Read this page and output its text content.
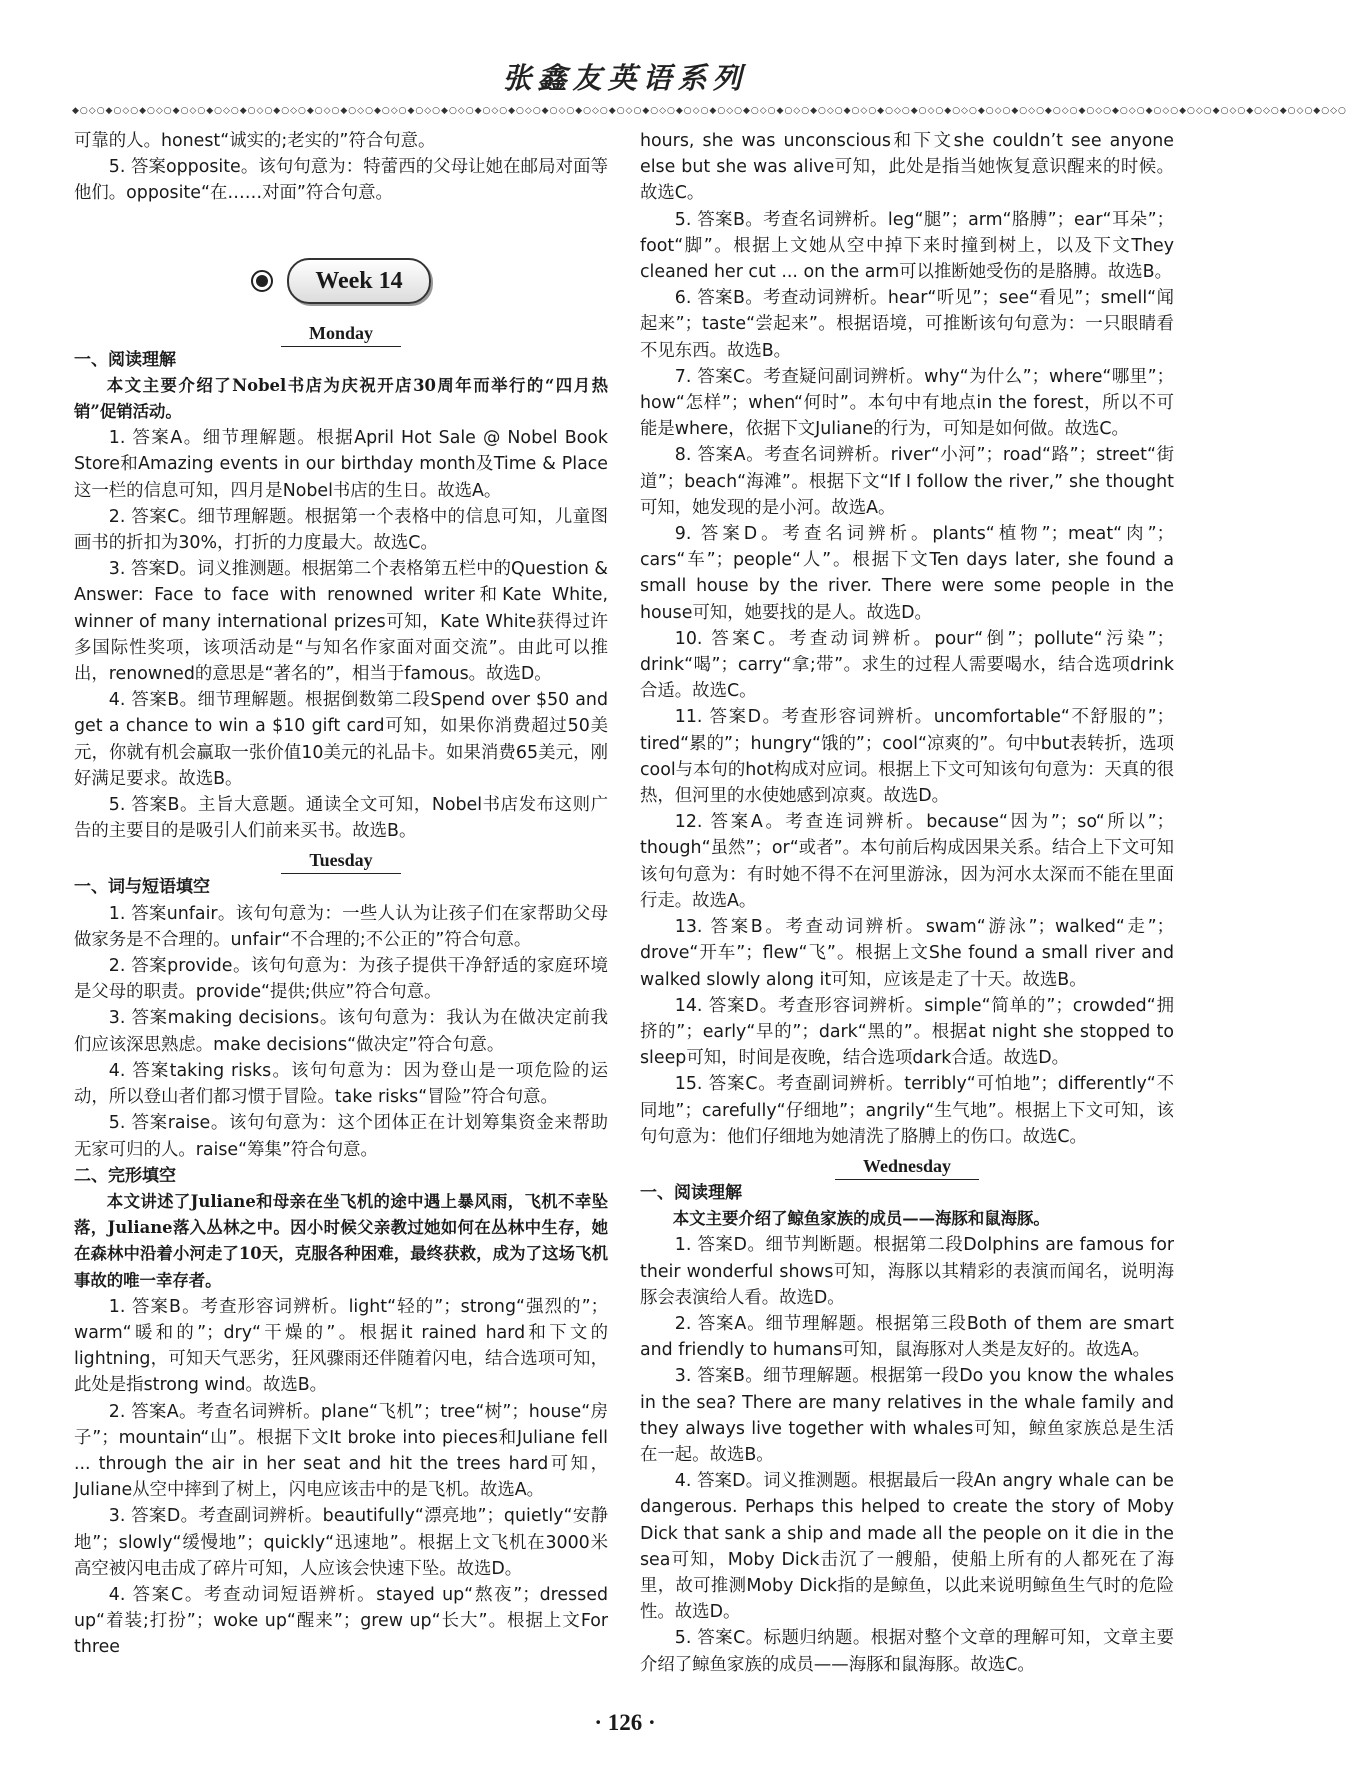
张鑫友英语系列
◆○◇○◆○◇○◆○◇○◆○◇○◆○◇○◆○◇○◆○◇○◆○◇○◆○◇○◆○◇○◆○◇○◆○◇○◆○◇○◆○◇○◆○◇○◆○◇○◆○◇○◆○◇○◆○◇○◆○◇○◆○◇○◆○◇○◆○◇○◆○◇○◆○◇○◆○◇○◆○◇○◆○◇○◆○◇○◆○◇○◆○◇○◆○◇○◆○◇○◆○◇○◆○◇○◆○◇○◆○◇○◆○◇○

可靠的人。honest“诚实的;老实的”符合句意。

5. 答案opposite。该句句意为：特蕾西的父母让她在邮局对面等他们。opposite“在……对面”符合句意。

Week 14
Monday

一、阅读理解

本文主要介绍了Nobel书店为庆祝开店30周年而举行的“四月热销”促销活动。

1. 答案A。细节理解题。根据April Hot Sale @ Nobel Book Store和Amazing events in our birthday month及Time & Place这一栏的信息可知，四月是Nobel书店的生日。故选A。

2. 答案C。细节理解题。根据第一个表格中的信息可知，儿童图画书的折扣为30%，打折的力度最大。故选C。

3. 答案D。词义推测题。根据第二个表格第五栏中的Question & Answer: Face to face with renowned writer和Kate White, winner of many international prizes可知，Kate White获得过许多国际性奖项，该项活动是“与知名作家面对面交流”。由此可以推出，renowned的意思是“著名的”，相当于famous。故选D。

4. 答案B。细节理解题。根据倒数第二段Spend over $50 and get a chance to win a $10 gift card可知，如果你消费超过50美元，你就有机会赢取一张价值10美元的礼品卡。如果消费65美元，刚好满足要求。故选B。

5. 答案B。主旨大意题。通读全文可知，Nobel书店发布这则广告的主要目的是吸引人们前来买书。故选B。

Tuesday

一、词与短语填空

1. 答案unfair。该句句意为：一些人认为让孩子们在家帮助父母做家务是不合理的。unfair“不合理的;不公正的”符合句意。

2. 答案provide。该句句意为：为孩子提供干净舒适的家庭环境是父母的职责。provide“提供;供应”符合句意。

3. 答案making decisions。该句句意为：我认为在做决定前我们应该深思熟虑。make decisions“做决定”符合句意。

4. 答案taking risks。该句句意为：因为登山是一项危险的运动，所以登山者们都习惯于冒险。take risks“冒险”符合句意。

5. 答案raise。该句句意为：这个团体正在计划筹集资金来帮助无家可归的人。raise“筹集”符合句意。

二、完形填空

本文讲述了Juliane和母亲在坐飞机的途中遇上暴风雨，飞机不幸坠落，Juliane落入丛林之中。因小时候父亲教过她如何在丛林中生存，她在森林中沿着小河走了10天，克服各种困难，最终获救，成为了这场飞机事故的唯一幸存者。

1. 答案B。考查形容词辨析。light“轻的”；strong“强烈的”；warm“暖和的”；dry“干燥的”。根据it rained hard和下文的lightning，可知天气恶劣，狂风骤雨还伴随着闪电，结合选项可知，此处是指strong wind。故选B。

2. 答案A。考查名词辨析。plane“飞机”；tree“树”；house“房子”；mountain“山”。根据下文It broke into pieces和Juliane fell ... through the air in her seat and hit the trees hard可知，Juliane从空中摔到了树上，闪电应该击中的是飞机。故选A。

3. 答案D。考查副词辨析。beautifully“漂亮地”；quietly“安静地”；slowly“缓慢地”；quickly“迅速地”。根据上文飞机在3000米高空被闪电击成了碎片可知，人应该会快速下坠。故选D。

4. 答案C。考查动词短语辨析。stayed up“熬夜”；dressed up“着装;打扮”；woke up“醒来”；grew up“长大”。根据上文For three

hours, she was unconscious和下文she couldn’t see anyone else but she was alive可知，此处是指当她恢复意识醒来的时候。故选C。

5. 答案B。考查名词辨析。leg“腿”；arm“胳膊”；ear“耳朵”；foot“脚”。根据上文她从空中掉下来时撞到树上，以及下文They cleaned her cut ... on the arm可以推断她受伤的是胳膊。故选B。

6. 答案B。考查动词辨析。hear“听见”；see“看见”；smell“闻起来”；taste“尝起来”。根据语境，可推断该句句意为：一只眼睛看不见东西。故选B。

7. 答案C。考查疑问副词辨析。why“为什么”；where“哪里”；how“怎样”；when“何时”。本句中有地点in the forest，所以不可能是where，依据下文Juliane的行为，可知是如何做。故选C。

8. 答案A。考查名词辨析。river“小河”；road“路”；street“街道”；beach“海滩”。根据下文“If I follow the river,” she thought可知，她发现的是小河。故选A。

9. 答案D。考查名词辨析。plants“植物”；meat“肉”；cars“车”；people“人”。根据下文Ten days later, she found a small house by the river. There were some people in the house可知，她要找的是人。故选D。

10. 答案C。考查动词辨析。pour“倒”；pollute“污染”；drink“喝”；carry“拿;带”。求生的过程人需要喝水，结合选项drink合适。故选C。

11. 答案D。考查形容词辨析。uncomfortable“不舒服的”；tired“累的”；hungry“饿的”；cool“凉爽的”。句中but表转折，选项cool与本句的hot构成对应词。根据上下文可知该句句意为：天真的很热，但河里的水使她感到凉爽。故选D。

12. 答案A。考查连词辨析。because“因为”；so“所以”；though“虽然”；or“或者”。本句前后构成因果关系。结合上下文可知该句句意为：有时她不得不在河里游泳，因为河水太深而不能在里面行走。故选A。

13. 答案B。考查动词辨析。swam“游泳”；walked“走”；drove“开车”；flew“飞”。根据上文She found a small river and walked slowly along it可知，应该是走了十天。故选B。

14. 答案D。考查形容词辨析。simple“简单的”；crowded“拥挤的”；early“早的”；dark“黑的”。根据at night she stopped to sleep可知，时间是夜晚，结合选项dark合适。故选D。

15. 答案C。考查副词辨析。terribly“可怕地”；differently“不同地”；carefully“仔细地”；angrily“生气地”。根据上下文可知，该句句意为：他们仔细地为她清洗了胳膊上的伤口。故选C。

Wednesday

一、阅读理解

本文主要介绍了鲸鱼家族的成员——海豚和鼠海豚。

1. 答案D。细节判断题。根据第二段Dolphins are famous for their wonderful shows可知，海豚以其精彩的表演而闻名，说明海豚会表演给人看。故选D。

2. 答案A。细节理解题。根据第三段Both of them are smart and friendly to humans可知，鼠海豚对人类是友好的。故选A。

3. 答案B。细节理解题。根据第一段Do you know the whales in the sea? There are many relatives in the whale family and they always live together with whales可知，鲸鱼家族总是生活在一起。故选B。

4. 答案D。词义推测题。根据最后一段An angry whale can be dangerous. Perhaps this helped to create the story of Moby Dick that sank a ship and made all the people on it die in the sea可知，Moby Dick击沉了一艘船，使船上所有的人都死在了海里，故可推测Moby Dick指的是鲸鱼，以此来说明鲸鱼生气时的危险性。故选D。

5. 答案C。标题归纳题。根据对整个文章的理解可知，文章主要介绍了鲸鱼家族的成员——海豚和鼠海豚。故选C。

· 126 ·
